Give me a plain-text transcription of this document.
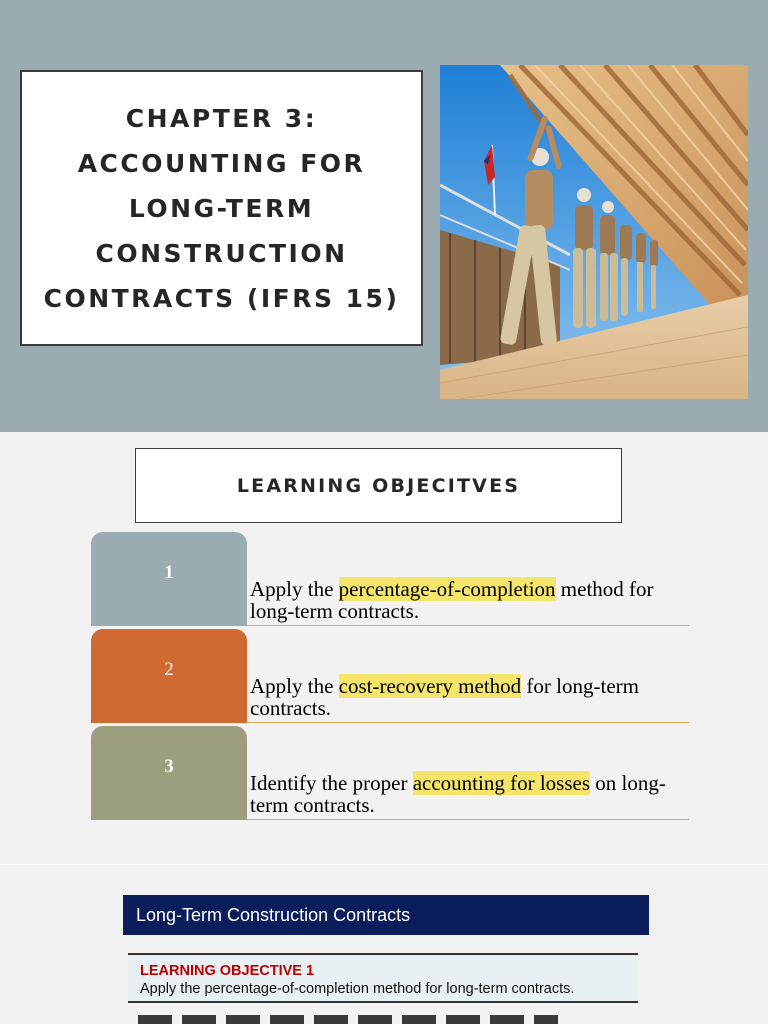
CHAPTER 3:
ACCOUNTING FOR
LONG-TERM
CONSTRUCTION
CONTRACTS (IFRS 15)
LEARNING OBJECITVES
1
Apply the percentage-of-completion method for long-term contracts.
2
Apply the cost-recovery method for long-term contracts.
3
Identify the proper accounting for losses on long-term contracts.
Long-Term Construction Contracts
LEARNING OBJECTIVE 1
Apply the percentage-of-completion method for long-term contracts.
